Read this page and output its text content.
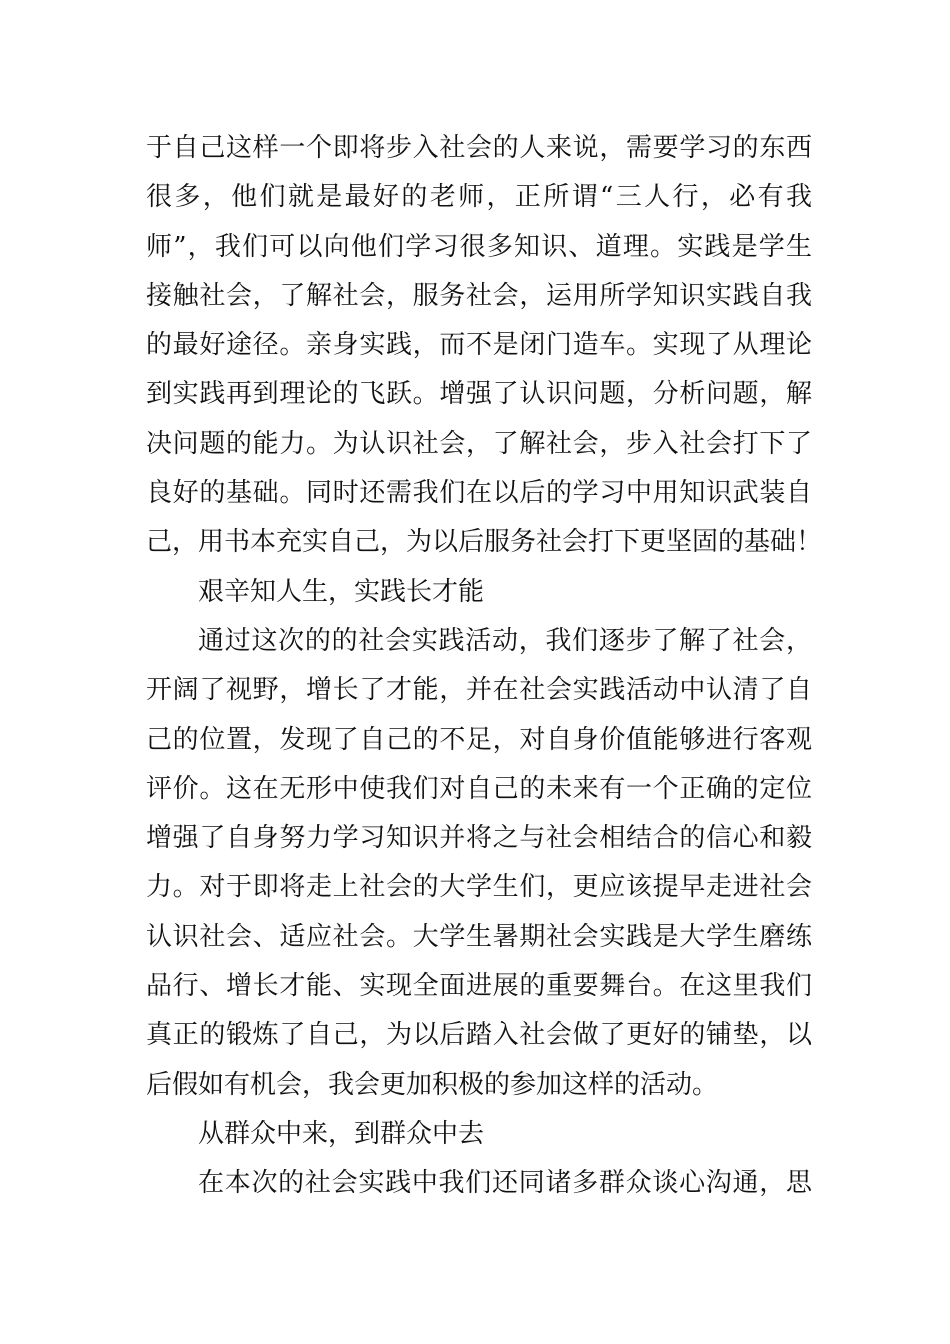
于自己这样一个即将步入社会的人来说，需要学习的东西
很多，他们就是最好的老师，正所谓“三人行，必有我
师”，我们可以向他们学习很多知识、道理。实践是学生
接触社会，了解社会，服务社会，运用所学知识实践自我
的最好途径。亲身实践，而不是闭门造车。实现了从理论
到实践再到理论的飞跃。增强了认识问题，分析问题，解
决问题的能力。为认识社会，了解社会，步入社会打下了
良好的基础。同时还需我们在以后的学习中用知识武装自
己，用书本充实自己，为以后服务社会打下更坚固的基础！
艰辛知人生，实践长才能
通过这次的的社会实践活动，我们逐步了解了社会，
开阔了视野，增长了才能，并在社会实践活动中认清了自
己的位置，发现了自己的不足，对自身价值能够进行客观
评价。这在无形中使我们对自己的未来有一个正确的定位
增强了自身努力学习知识并将之与社会相结合的信心和毅
力。对于即将走上社会的大学生们，更应该提早走进社会
认识社会、适应社会。大学生暑期社会实践是大学生磨练
品行、增长才能、实现全面进展的重要舞台。在这里我们
真正的锻炼了自己，为以后踏入社会做了更好的铺垫，以
后假如有机会，我会更加积极的参加这样的活动。
从群众中来，到群众中去
在本次的社会实践中我们还同诸多群众谈心沟通，思
